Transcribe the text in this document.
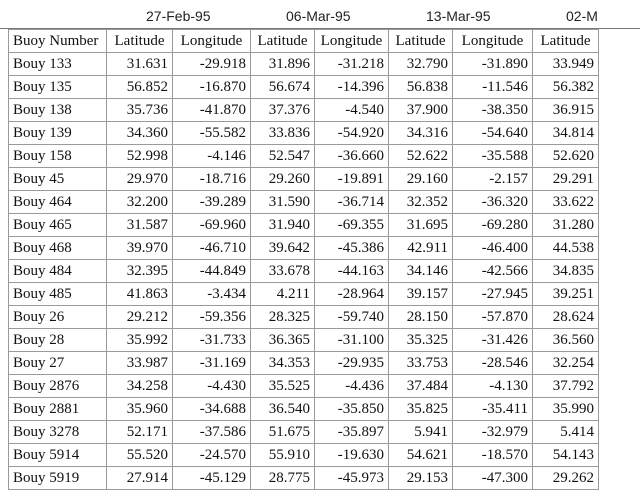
27-Feb-95	06-Mar-95	13-Mar-95	02-M
Buoy Number	Latitude	Longitude	Latitude	Longitude	Latitude	Longitude	Latitude
Bouy 133	31.631	-29.918	31.896	-31.218	32.790	-31.890	33.949
Bouy 135	56.852	-16.870	56.674	-14.396	56.838	-11.546	56.382
Bouy 138	35.736	-41.870	37.376	-4.540	37.900	-38.350	36.915
Bouy 139	34.360	-55.582	33.836	-54.920	34.316	-54.640	34.814
Bouy 158	52.998	-4.146	52.547	-36.660	52.622	-35.588	52.620
Bouy 45	29.970	-18.716	29.260	-19.891	29.160	-2.157	29.291
Bouy 464	32.200	-39.289	31.590	-36.714	32.352	-36.320	33.622
Bouy 465	31.587	-69.960	31.940	-69.355	31.695	-69.280	31.280
Bouy 468	39.970	-46.710	39.642	-45.386	42.911	-46.400	44.538
Bouy 484	32.395	-44.849	33.678	-44.163	34.146	-42.566	34.835
Bouy 485	41.863	-3.434	4.211	-28.964	39.157	-27.945	39.251
Bouy 26	29.212	-59.356	28.325	-59.740	28.150	-57.870	28.624
Bouy 28	35.992	-31.733	36.365	-31.100	35.325	-31.426	36.560
Bouy 27	33.987	-31.169	34.353	-29.935	33.753	-28.546	32.254
Bouy 2876	34.258	-4.430	35.525	-4.436	37.484	-4.130	37.792
Bouy 2881	35.960	-34.688	36.540	-35.850	35.825	-35.411	35.990
Bouy 3278	52.171	-37.586	51.675	-35.897	5.941	-32.979	5.414
Bouy 5914	55.520	-24.570	55.910	-19.630	54.621	-18.570	54.143
Bouy 5919	27.914	-45.129	28.775	-45.973	29.153	-47.300	29.262
